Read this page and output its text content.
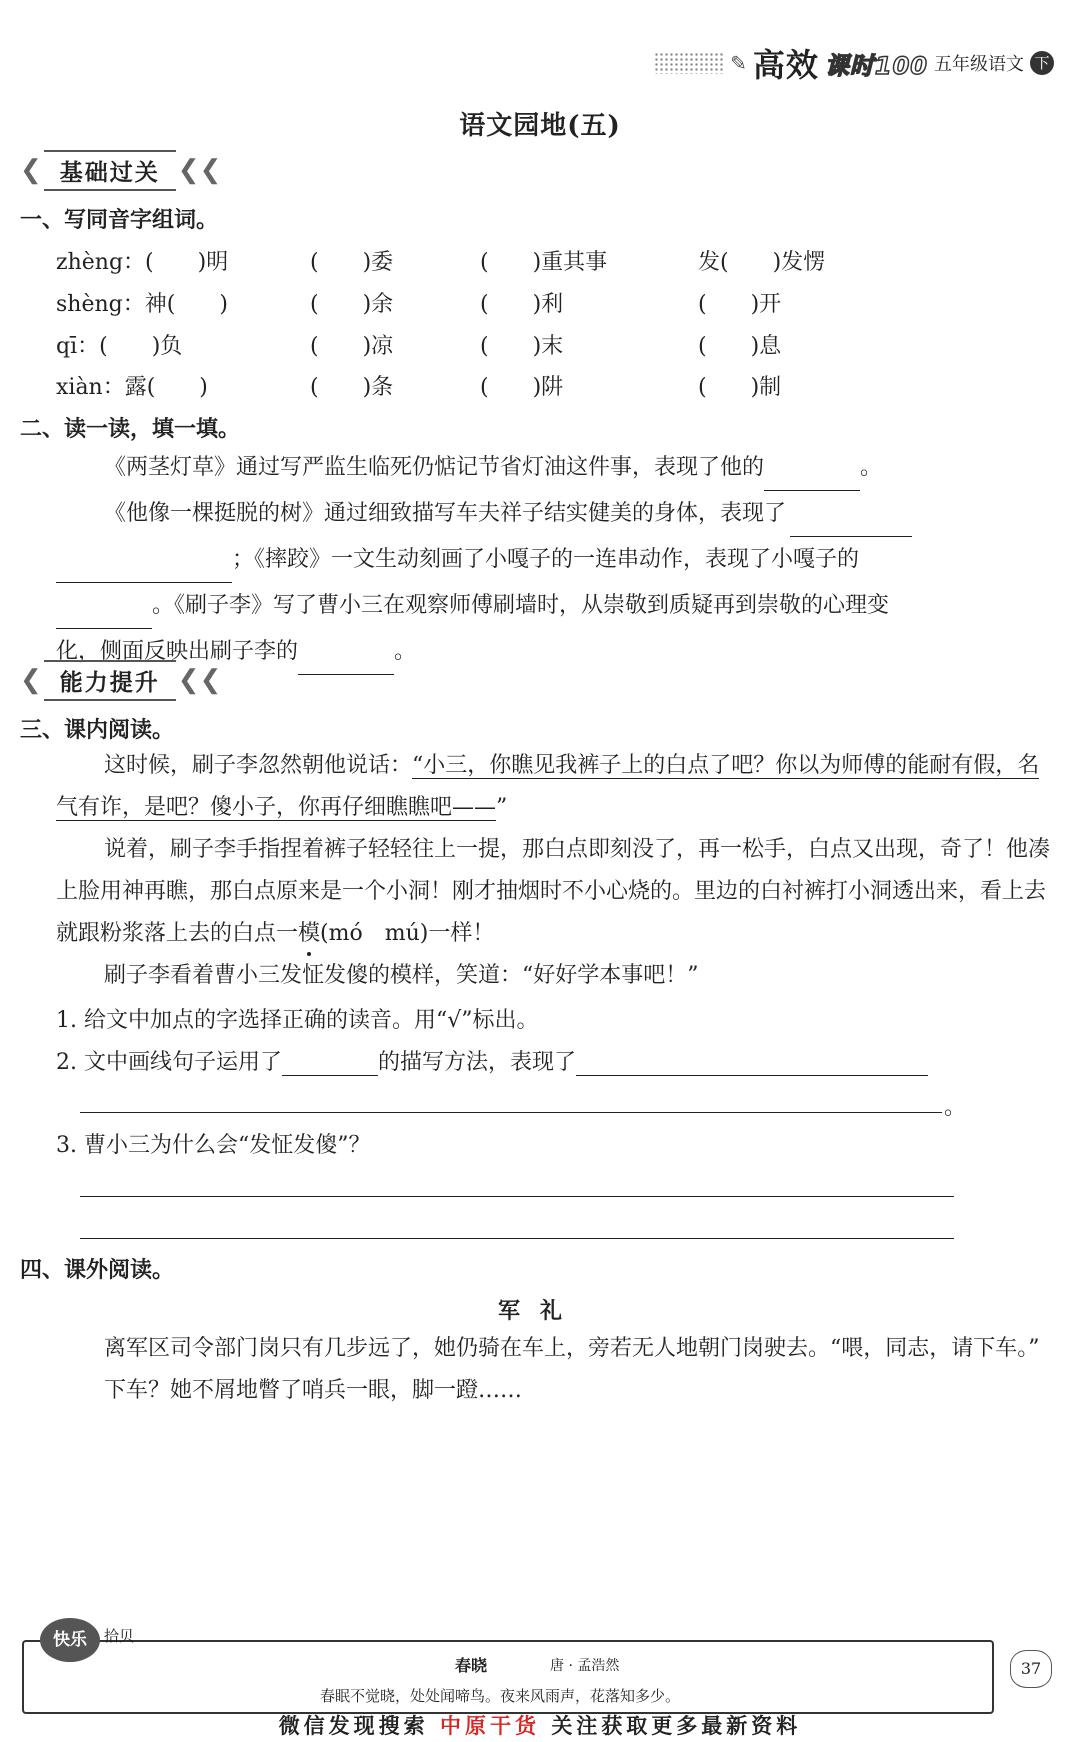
✎ 高效 课时100 五年级语文 下
语文园地(五)
❮ 基础过关 ❮❮
一、写同音字组词。
zhèng：(　　)明	(　　)委	(　　)重其事	发(　　)发愣
shèng：神(　　)	(　　)余	(　　)利	(　　)开
qī：(　　)负	(　　)凉	(　　)末	(　　)息
xiàn：露(　　)	(　　)条	(　　)阱	(　　)制
二、读一读，填一填。
《两茎灯草》通过写严监生临死仍惦记节省灯油这件事，表现了他的	。
《他像一棵挺脱的树》通过细致描写车夫祥子结实健美的身体，表现了
；《摔跤》一文生动刻画了小嘎子的一连串动作，表现了小嘎子的
。《刷子李》写了曹小三在观察师傅刷墙时，从崇敬到质疑再到崇敬的心理变
化，侧面反映出刷子李的	。
❮ 能力提升 ❮❮
三、课内阅读。
这时候，刷子李忽然朝他说话：“小三，你瞧见我裤子上的白点了吧？你以为师傅的能耐有假，名气有诈，是吧？傻小子，你再仔细瞧瞧吧——”
说着，刷子李手指捏着裤子轻轻往上一提，那白点即刻没了，再一松手，白点又出现，奇了！他凑上脸用神再瞧，那白点原来是一个小洞！刚才抽烟时不小心烧的。里边的白衬裤打小洞透出来，看上去就跟粉浆落上去的白点一模(mó　mú)一样！
刷子李看着曹小三发怔发傻的模样，笑道：“好好学本事吧！”
1. 给文中加点的字选择正确的读音。用“√”标出。
2. 文中画线句子运用了	的描写方法，表现了
。
3. 曹小三为什么会“发怔发傻”？
四、课外阅读。
军礼
离军区司令部门岗只有几步远了，她仍骑在车上，旁若无人地朝门岗驶去。“喂，同志，请下车。”
下车？她不屑地瞥了哨兵一眼，脚一蹬……
快乐	拾贝
春晓	唐 · 孟浩然
春眠不觉晓，处处闻啼鸟。夜来风雨声，花落知多少。
37
微信发现搜索 中原干货 关注获取更多最新资料
